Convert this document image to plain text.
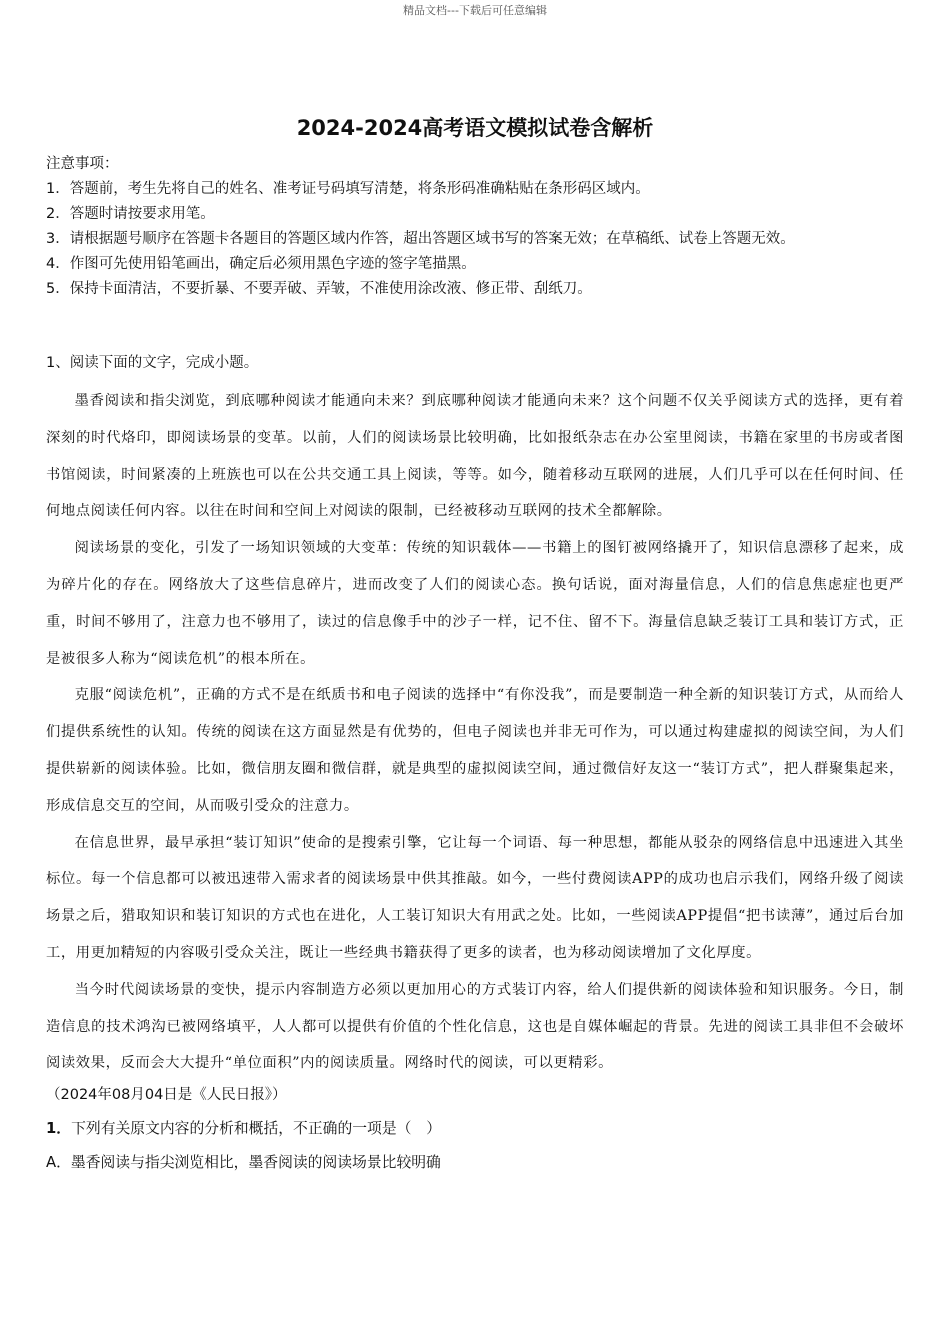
精品文档---下载后可任意编辑
2024-2024高考语文模拟试卷含解析
注意事项：
1．答题前，考生先将自己的姓名、准考证号码填写清楚，将条形码准确粘贴在条形码区域内。
2．答题时请按要求用笔。
3．请根据题号顺序在答题卡各题目的答题区域内作答，超出答题区域书写的答案无效；在草稿纸、试卷上答题无效。
4．作图可先使用铅笔画出，确定后必须用黑色字迹的签字笔描黑。
5．保持卡面清洁，不要折暴、不要弄破、弄皱，不准使用涂改液、修正带、刮纸刀。
1、阅读下面的文字，完成小题。

墨香阅读和指尖浏览，到底哪种阅读才能通向未来？到底哪种阅读才能通向未来？这个问题不仅关乎阅读方式的选择，更有着深刻的时代烙印，即阅读场景的变革。以前，人们的阅读场景比较明确，比如报纸杂志在办公室里阅读，书籍在家里的书房或者图书馆阅读，时间紧凑的上班族也可以在公共交通工具上阅读，等等。如今，随着移动互联网的进展，人们几乎可以在任何时间、任何地点阅读任何内容。以往在时间和空间上对阅读的限制，已经被移动互联网的技术全都解除。

阅读场景的变化，引发了一场知识领域的大变革：传统的知识载体——书籍上的图钉被网络撬开了，知识信息漂移了起来，成为碎片化的存在。网络放大了这些信息碎片，进而改变了人们的阅读心态。换句话说，面对海量信息，人们的信息焦虑症也更严重，时间不够用了，注意力也不够用了，读过的信息像手中的沙子一样，记不住、留不下。海量信息缺乏装订工具和装订方式，正是被很多人称为“阅读危机”的根本所在。

克服“阅读危机”，正确的方式不是在纸质书和电子阅读的选择中“有你没我”，而是要制造一种全新的知识装订方式，从而给人们提供系统性的认知。传统的阅读在这方面显然是有优势的，但电子阅读也并非无可作为，可以通过构建虚拟的阅读空间，为人们提供崭新的阅读体验。比如，微信朋友圈和微信群，就是典型的虚拟阅读空间，通过微信好友这一“装订方式”，把人群聚集起来，形成信息交互的空间，从而吸引受众的注意力。

在信息世界，最早承担“装订知识”使命的是搜索引擎，它让每一个词语、每一种思想，都能从驳杂的网络信息中迅速进入其坐标位。每一个信息都可以被迅速带入需求者的阅读场景中供其推敲。如今，一些付费阅读APP的成功也启示我们，网络升级了阅读场景之后，猎取知识和装订知识的方式也在进化，人工装订知识大有用武之处。比如，一些阅读APP提倡“把书读薄”，通过后台加工，用更加精短的内容吸引受众关注，既让一些经典书籍获得了更多的读者，也为移动阅读增加了文化厚度。

当今时代阅读场景的变快，提示内容制造方必须以更加用心的方式装订内容，给人们提供新的阅读体验和知识服务。今日，制造信息的技术鸿沟已被网络填平，人人都可以提供有价值的个性化信息，这也是自媒体崛起的背景。先进的阅读工具非但不会破坏阅读效果，反而会大大提升“单位面积”内的阅读质量。网络时代的阅读，可以更精彩。

（2024年08月04日是《人民日报》）
1．下列有关原文内容的分析和概括，不正确的一项是（　）
A．墨香阅读与指尖浏览相比，墨香阅读的阅读场景比较明确
